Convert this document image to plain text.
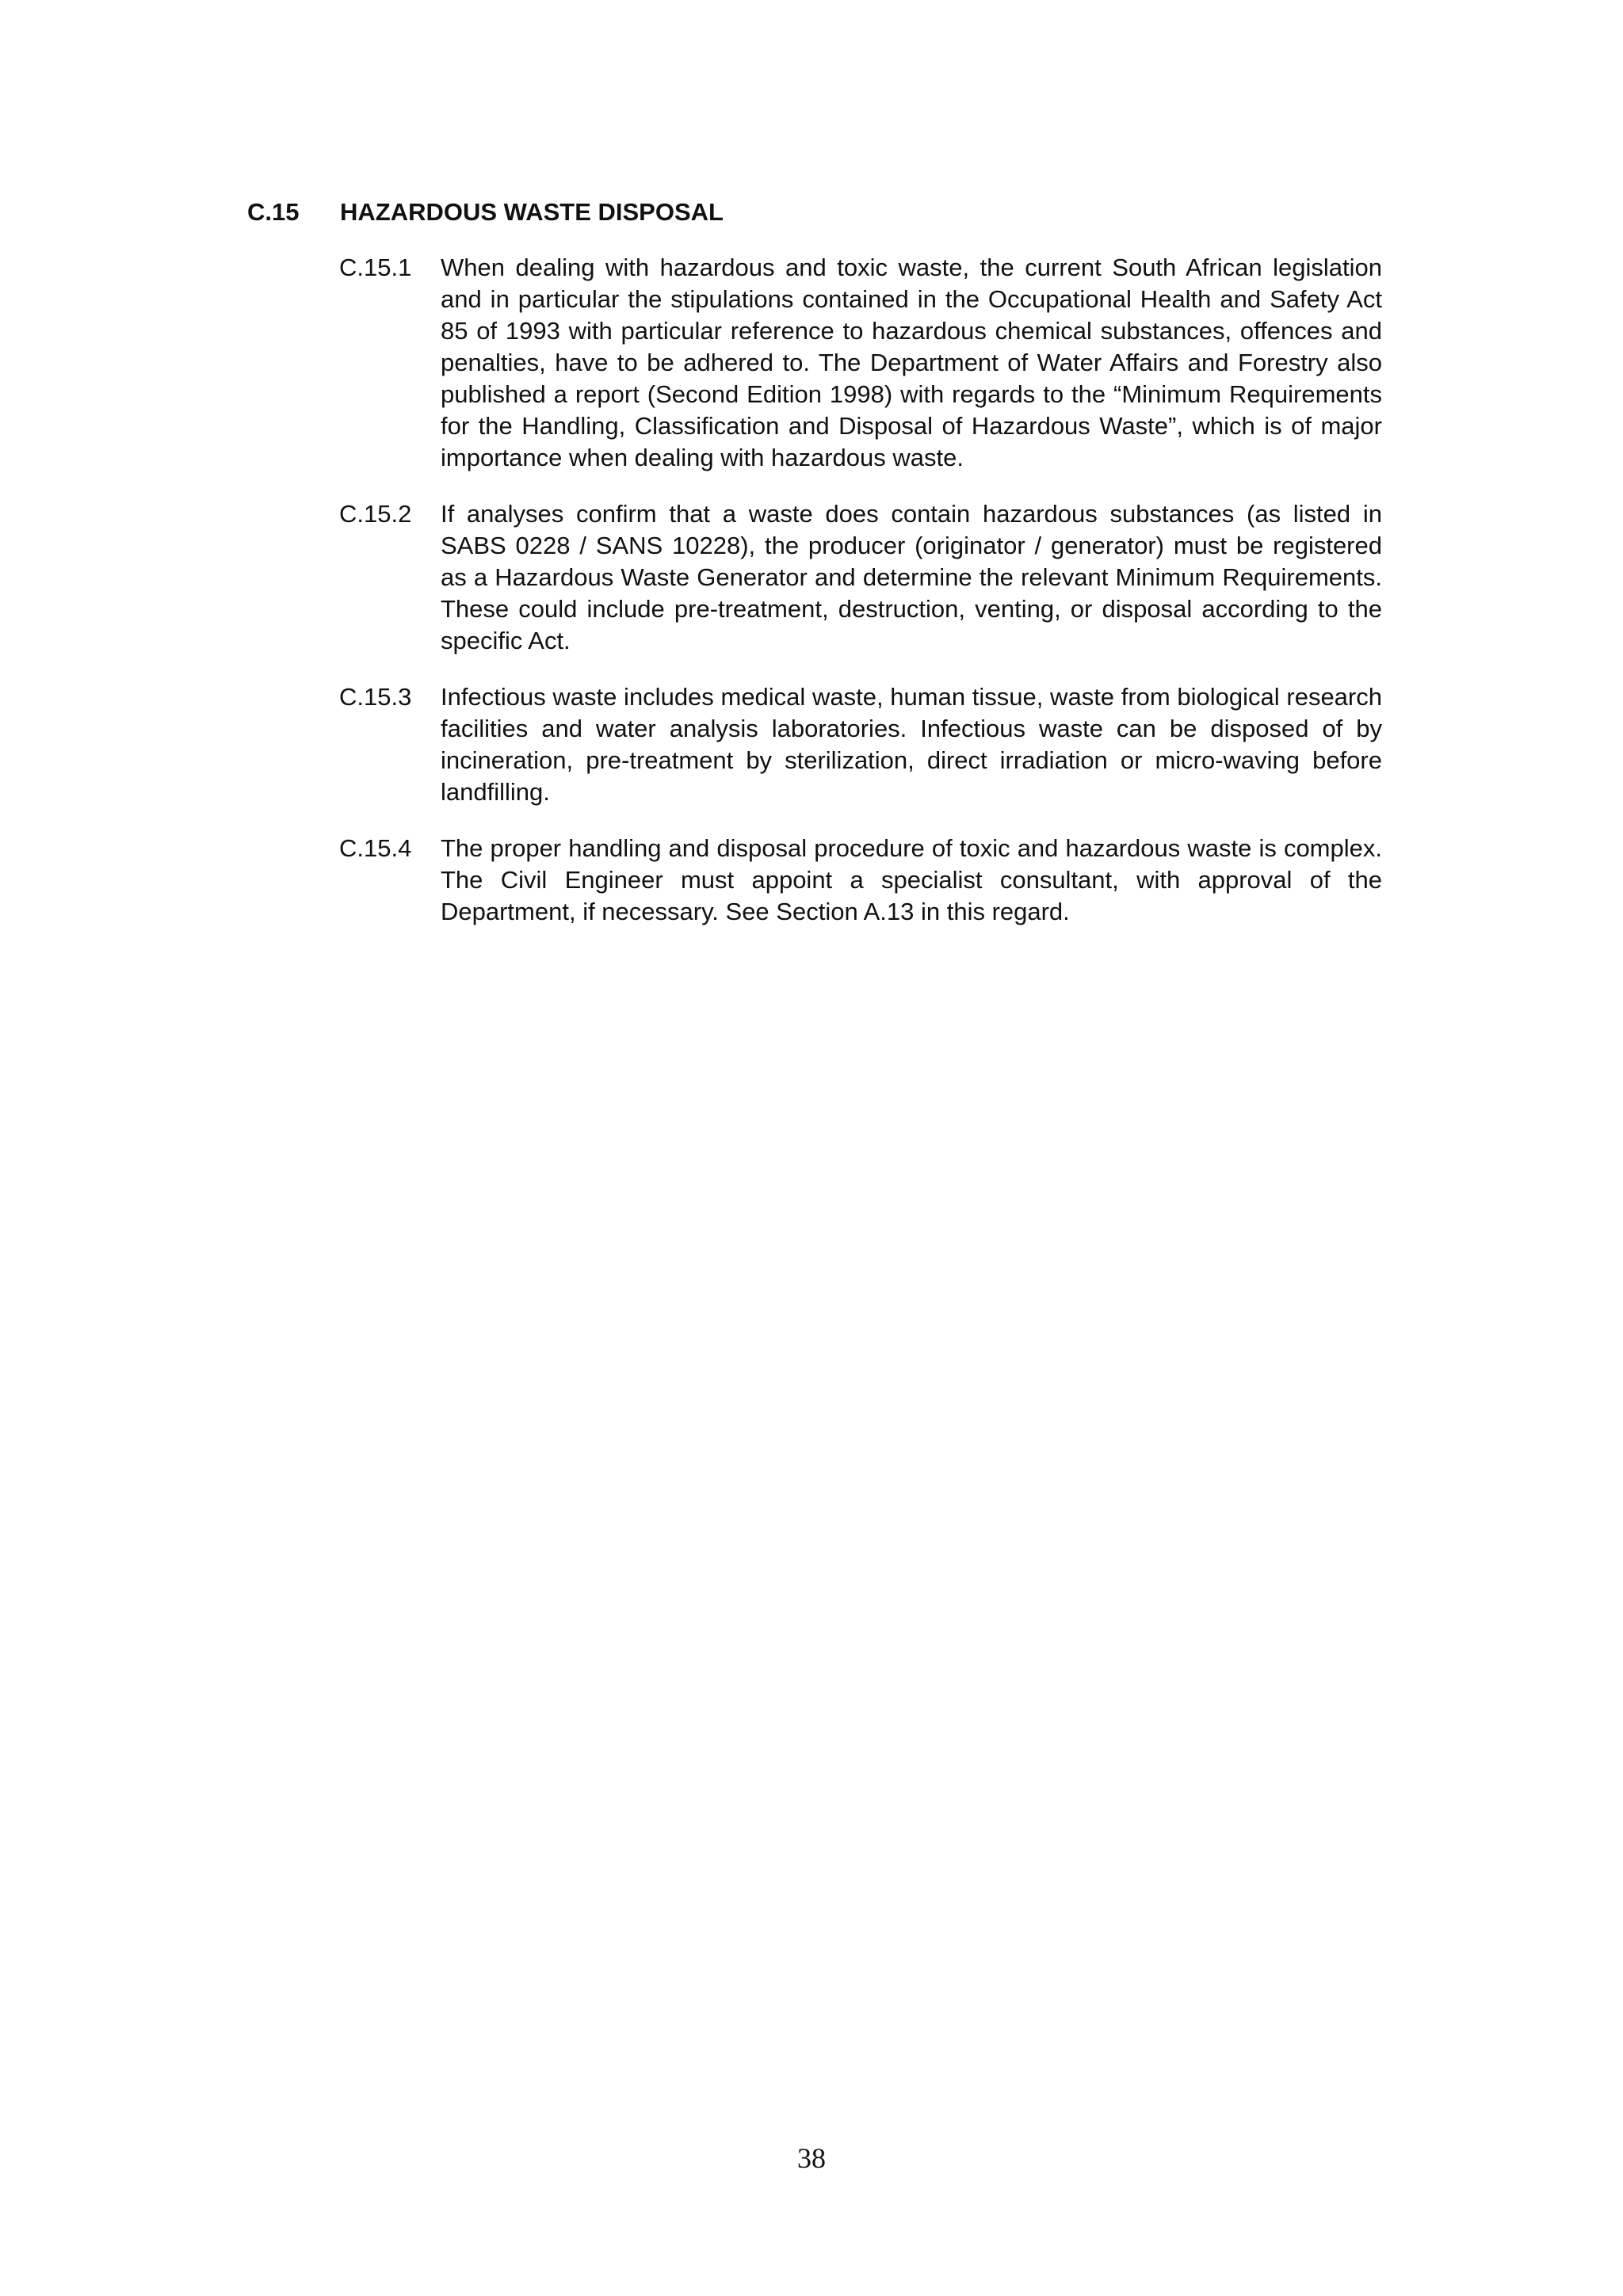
C.15 HAZARDOUS WASTE DISPOSAL
C.15.1	When dealing with hazardous and toxic waste, the current South African legislation and in particular the stipulations contained in the Occupational Health and Safety Act 85 of 1993 with particular reference to hazardous chemical substances, offences and penalties, have to be adhered to. The Department of Water Affairs and Forestry also published a report (Second Edition 1998) with regards to the “Minimum Requirements for the Handling, Classification and Disposal of Hazardous Waste”, which is of major importance when dealing with hazardous waste.
C.15.2	If analyses confirm that a waste does contain hazardous substances (as listed in SABS 0228 / SANS 10228), the producer (originator / generator) must be registered as a Hazardous Waste Generator and determine the relevant Minimum Requirements. These could include pre-treatment, destruction, venting, or disposal according to the specific Act.
C.15.3	Infectious waste includes medical waste, human tissue, waste from biological research facilities and water analysis laboratories. Infectious waste can be disposed of by incineration, pre-treatment by sterilization, direct irradiation or micro-waving before landfilling.
C.15.4	The proper handling and disposal procedure of toxic and hazardous waste is complex. The Civil Engineer must appoint a specialist consultant, with approval of the Department, if necessary. See Section A.13 in this regard.
38
